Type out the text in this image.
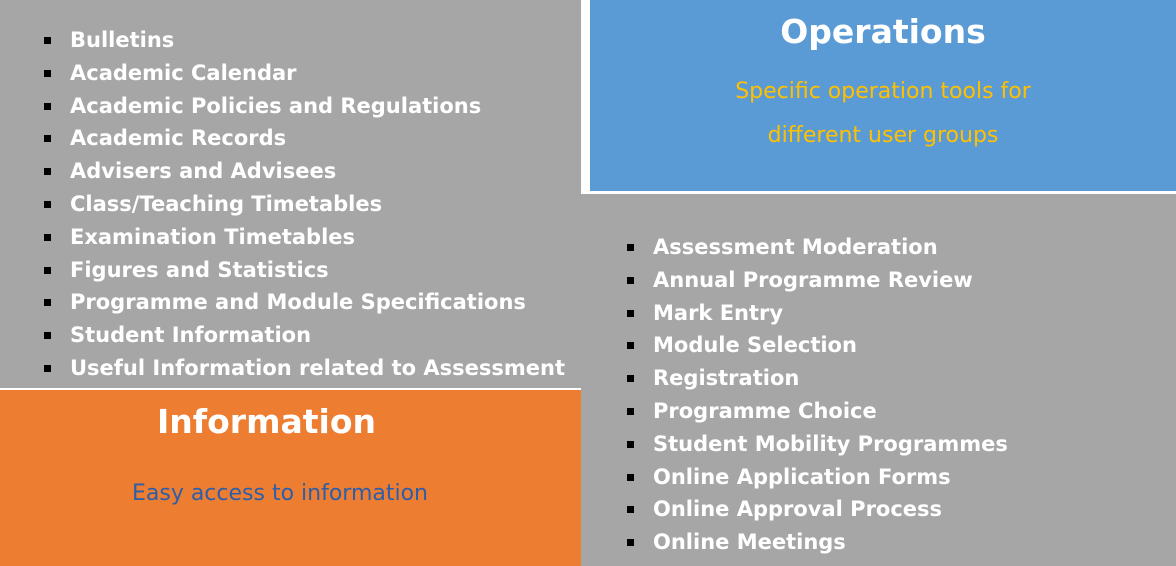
Bulletins
Academic Calendar
Academic Policies and Regulations
Academic Records
Advisers and Advisees
Class/Teaching Timetables
Examination Timetables
Figures and Statistics
Programme and Module Specifications
Student Information
Useful Information related to Assessment
Information

Easy access to information

Operations

Specific operation tools for
different user groups

Assessment Moderation
Annual Programme Review
Mark Entry
Module Selection
Registration
Programme Choice
Student Mobility Programmes
Online Application Forms
Online Approval Process
Online Meetings
